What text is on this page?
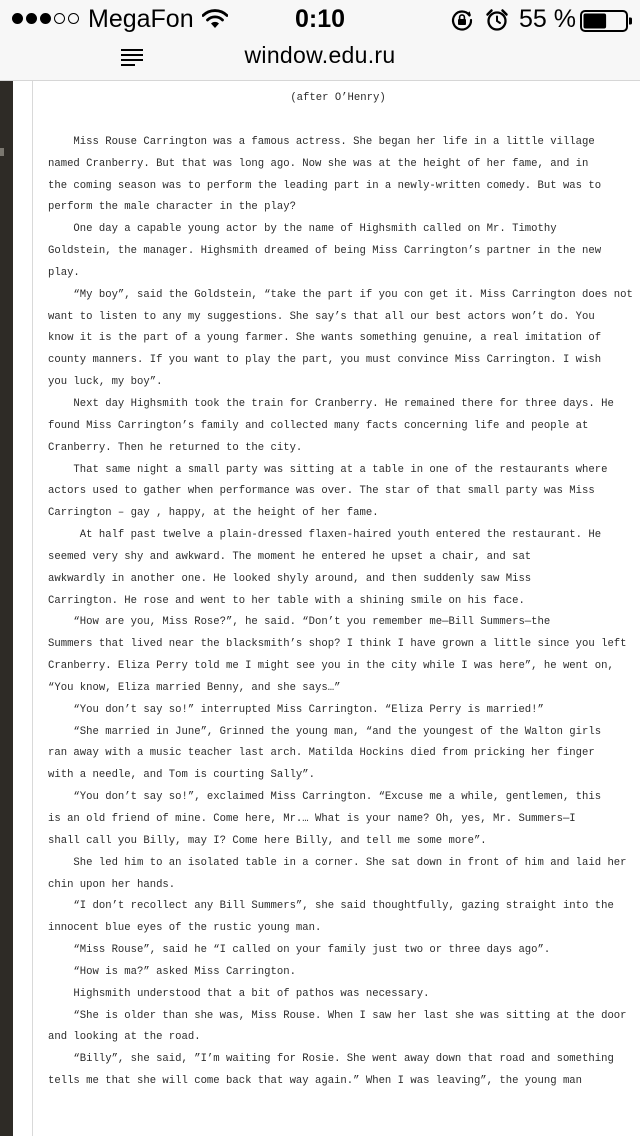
MegaFon	0:10	55 %
window.edu.ru
(after O’Henry)

Miss Rouse Carrington was a famous actress. She began her life in a little village

named Cranberry. But that was long ago. Now she was at the height of her fame, and in

the coming season was to perform the leading part in a newly-written comedy. But was to

perform the male character in the play?

One day a capable young actor by the name of Highsmith called on Mr. Timothy

Goldstein, the manager. Highsmith dreamed of being Miss Carrington’s partner in the new

play.

“My boy”, said the Goldstein, “take the part if you con get it. Miss Carrington does not

want to listen to any my suggestions. She say’s that all our best actors won’t do. You

know it is the part of a young farmer. She wants something genuine, a real imitation of

county manners. If you want to play the part, you must convince Miss Carrington. I wish

you luck, my boy”.

Next day Highsmith took the train for Cranberry. He remained there for three days. He

found Miss Carrington’s family and collected many facts concerning life and people at

Cranberry. Then he returned to the city.

That same night a small party was sitting at a table in one of the restaurants where

actors used to gather when performance was over. The star of that small party was Miss

Carrington – gay , happy, at the height of her fame.

At half past twelve a plain-dressed flaxen-haired youth entered the restaurant. He

seemed very shy and awkward. The moment he entered he upset a chair, and sat

awkwardly in another one. He looked shyly around, and then suddenly saw Miss

Carrington. He rose and went to her table with a shining smile on his face.

“How are you, Miss Rose?”, he said. “Don’t you remember me—Bill Summers—the

Summers that lived near the blacksmith’s shop? I think I have grown a little since you left

Cranberry. Eliza Perry told me I might see you in the city while I was here”, he went on,

“You know, Eliza married Benny, and she says…”

“You don’t say so!” interrupted Miss Carrington. “Eliza Perry is married!”

“She married in June”, Grinned the young man, “and the youngest of the Walton girls

ran away with a music teacher last arch. Matilda Hockins died from pricking her finger

with a needle, and Tom is courting Sally”.

“You don’t say so!”, exclaimed Miss Carrington. “Excuse me a while, gentlemen, this

is an old friend of mine. Come here, Mr.… What is your name? Oh, yes, Mr. Summers—I

shall call you Billy, may I? Come here Billy, and tell me some more”.

She led him to an isolated table in a corner. She sat down in front of him and laid her

chin upon her hands.

“I don’t recollect any Bill Summers”, she said thoughtfully, gazing straight into the

innocent blue eyes of the rustic young man.

“Miss Rouse”, said he “I called on your family just two or three days ago”.

“How is ma?” asked Miss Carrington.

Highsmith understood that a bit of pathos was necessary.

“She is older than she was, Miss Rouse. When I saw her last she was sitting at the door

and looking at the road.

“Billy”, she said, ”I’m waiting for Rosie. She went away down that road and something

tells me that she will come back that way again.” When I was leaving”, the young man
